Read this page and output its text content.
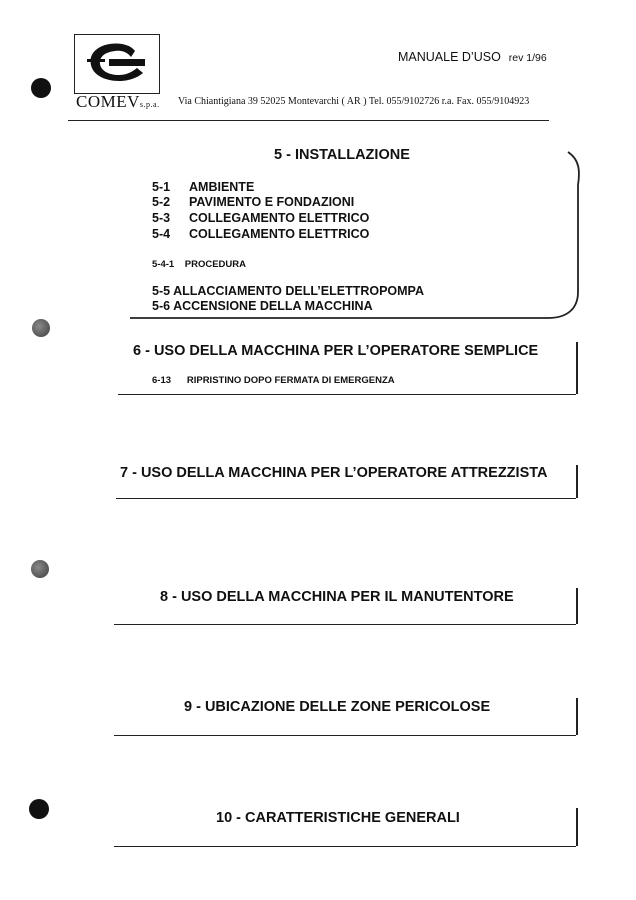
COMEVs.p.a. Via Chiantigiana 39 52025 Montevarchi ( AR ) Tel. 055/9102726 r.a. Fax. 055/9104923
MANUALE D’USO rev 1/96
5 - INSTALLAZIONE
5-1 AMBIENTE
5-2 PAVIMENTO E FONDAZIONI
5-3 COLLEGAMENTO ELETTRICO
5-4 COLLEGAMENTO ELETTRICO
5-4-1 PROCEDURA
5-5 ALLACCIAMENTO DELL’ELETTROPOMPA
5-6 ACCENSIONE DELLA MACCHINA
6 - USO DELLA MACCHINA PER L’OPERATORE SEMPLICE
6-13 RIPRISTINO DOPO FERMATA DI EMERGENZA
7 - USO DELLA MACCHINA PER L’OPERATORE ATTREZZISTA
8 - USO DELLA MACCHINA PER IL MANUTENTORE
9 - UBICAZIONE DELLE ZONE PERICOLOSE
10 - CARATTERISTICHE GENERALI
